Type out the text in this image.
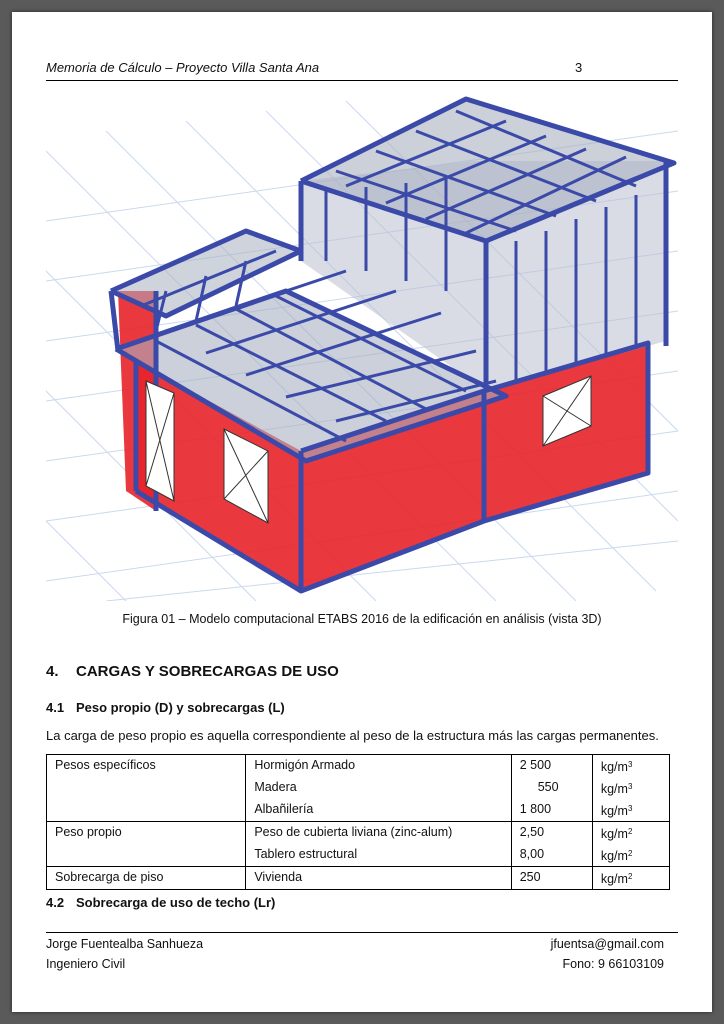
Memoria de Cálculo – Proyecto Villa Santa Ana	3
Figura 01 – Modelo computacional ETABS 2016 de la edificación en análisis (vista 3D)
4. CARGAS Y SOBRECARGAS DE USO
4.1 Peso propio (D) y sobrecargas (L)
La carga de peso propio es aquella correspondiente al peso de la estructura más las cargas permanentes.
Pesos específicos	Hormigón Armado	2 500	$kg/m^3$
	Madera	550	$kg/m^3$
	Albañilería	1 800	$kg/m^3$
Peso propio	Peso de cubierta liviana (zinc-alum)	2,50	$kg/m^2$
	Tablero estructural	8,00	$kg/m^2$
Sobrecarga de piso	Vivienda	250	$kg/m^2$
4.2 Sobrecarga de uso de techo (Lr)
Jorge Fuentealba Sanhueza
Ingeniero Civil
jfuentsa@gmail.com
Fono: 9 66103109
